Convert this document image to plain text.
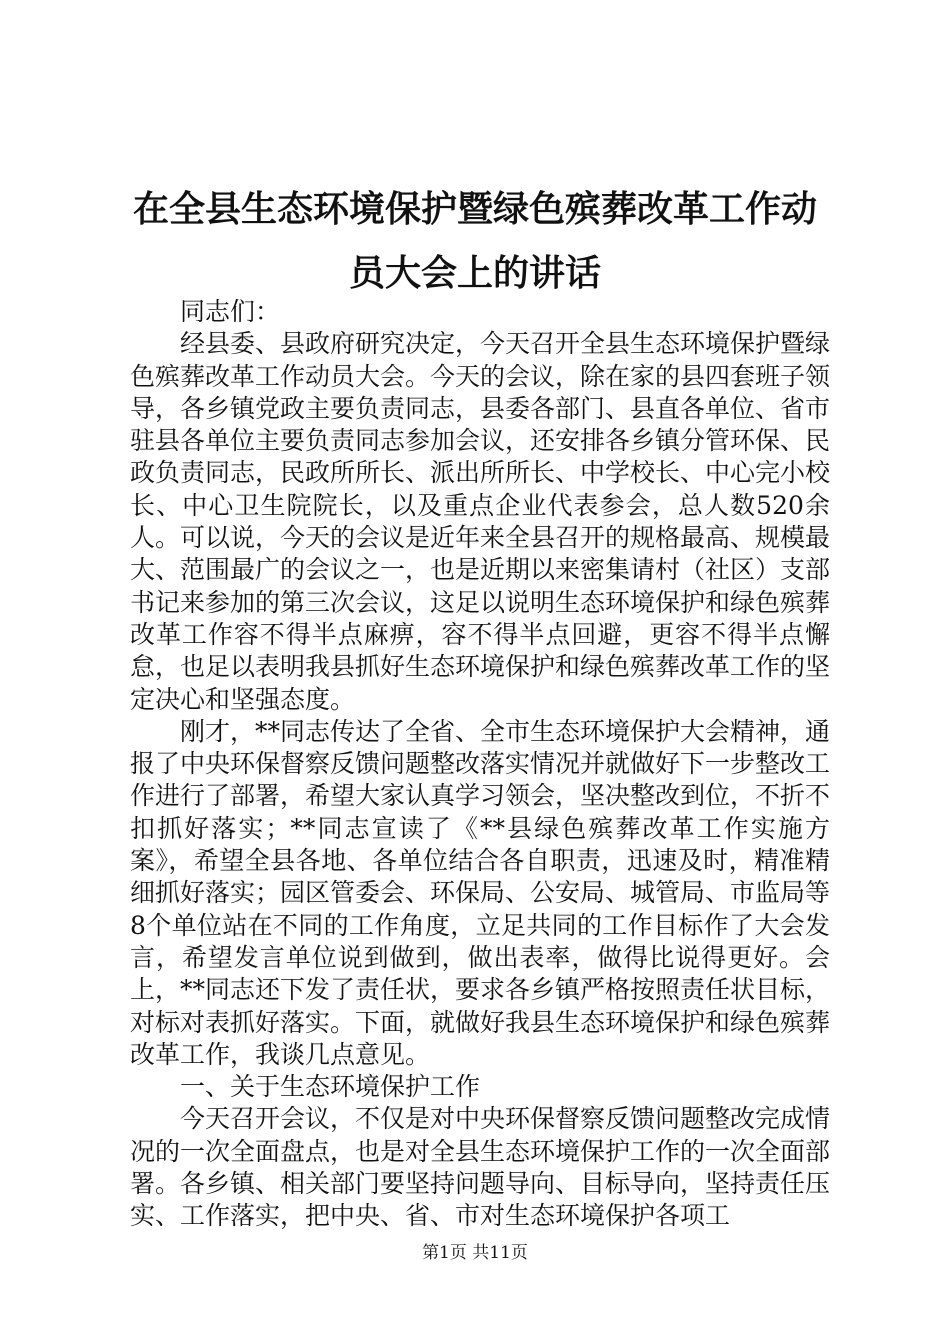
在全县生态环境保护暨绿色殡葬改革工作动员大会上的讲话

同志们：

经县委、县政府研究决定，今天召开全县生态环境保护暨绿色殡葬改革工作动员大会。今天的会议，除在家的县四套班子领导，各乡镇党政主要负责同志，县委各部门、县直各单位、省市驻县各单位主要负责同志参加会议，还安排各乡镇分管环保、民政负责同志，民政所所长、派出所所长、中学校长、中心完小校长、中心卫生院院长，以及重点企业代表参会，总人数520余人。可以说，今天的会议是近年来全县召开的规格最高、规模最大、范围最广的会议之一，也是近期以来密集请村（社区）支部书记来参加的第三次会议，这足以说明生态环境保护和绿色殡葬改革工作容不得半点麻痹，容不得半点回避，更容不得半点懈怠，也足以表明我县抓好生态环境保护和绿色殡葬改革工作的坚定决心和坚强态度。

刚才，**同志传达了全省、全市生态环境保护大会精神，通报了中央环保督察反馈问题整改落实情况并就做好下一步整改工作进行了部署，希望大家认真学习领会，坚决整改到位，不折不扣抓好落实；**同志宣读了《**县绿色殡葬改革工作实施方案》，希望全县各地、各单位结合各自职责，迅速及时，精准精细抓好落实；园区管委会、环保局、公安局、城管局、市监局等8个单位站在不同的工作角度，立足共同的工作目标作了大会发言，希望发言单位说到做到，做出表率，做得比说得更好。会上，**同志还下发了责任状，要求各乡镇严格按照责任状目标，对标对表抓好落实。下面，就做好我县生态环境保护和绿色殡葬改革工作，我谈几点意见。

一、关于生态环境保护工作

今天召开会议，不仅是对中央环保督察反馈问题整改完成情况的一次全面盘点，也是对全县生态环境保护工作的一次全面部署。各乡镇、相关部门要坚持问题导向、目标导向，坚持责任压实、工作落实，把中央、省、市对生态环境保护各项工

第1页 共11页
